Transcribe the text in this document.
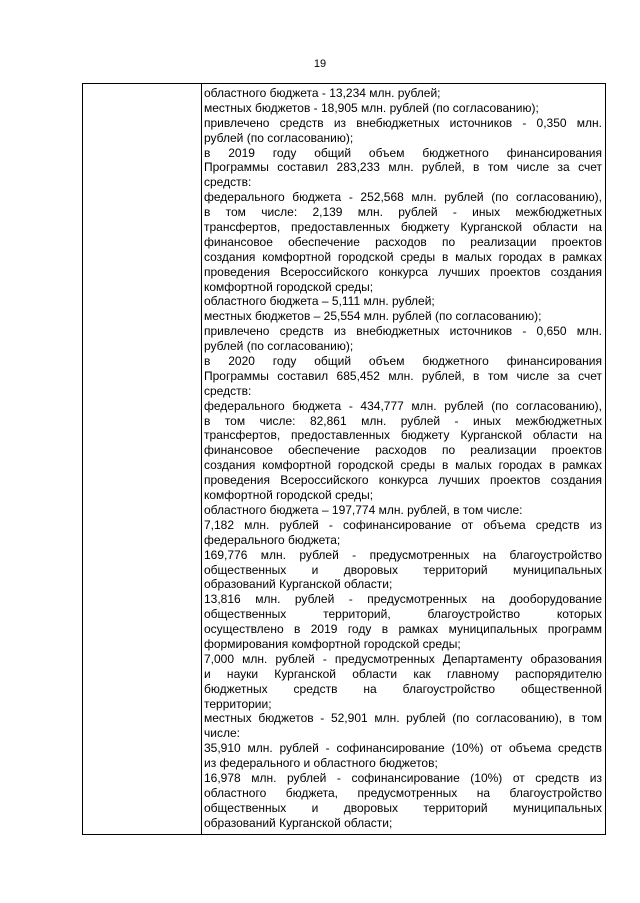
19
областного бюджета - 13,234 млн. рублей;
местных бюджетов - 18,905 млн. рублей (по согласованию);
привлечено средств из внебюджетных источников - 0,350 млн.
рублей (по согласованию);
в 2019 году общий объем бюджетного финансирования
Программы составил 283,233 млн. рублей, в том числе за счет
средств:
федерального бюджета - 252,568 млн. рублей (по согласованию),
в том числе: 2,139 млн. рублей - иных межбюджетных
трансфертов, предоставленных бюджету Курганской области на
финансовое обеспечение расходов по реализации проектов
создания комфортной городской среды в малых городах в рамках
проведения Всероссийского конкурса лучших проектов создания
комфортной городской среды;
областного бюджета – 5,111 млн. рублей;
местных бюджетов – 25,554 млн. рублей (по согласованию);
привлечено средств из внебюджетных источников - 0,650 млн.
рублей (по согласованию);
в 2020 году общий объем бюджетного финансирования
Программы составил 685,452 млн. рублей, в том числе за счет
средств:
федерального бюджета - 434,777 млн. рублей (по согласованию),
в том числе: 82,861 млн. рублей - иных межбюджетных
трансфертов, предоставленных бюджету Курганской области на
финансовое обеспечение расходов по реализации проектов
создания комфортной городской среды в малых городах в рамках
проведения Всероссийского конкурса лучших проектов создания
комфортной городской среды;
областного бюджета – 197,774 млн. рублей, в том числе:
7,182 млн. рублей - софинансирование от объема средств из
федерального бюджета;
169,776 млн. рублей - предусмотренных на благоустройство
общественных и дворовых территорий муниципальных
образований Курганской области;
13,816 млн. рублей - предусмотренных на дооборудование
общественных территорий, благоустройство которых
осуществлено в 2019 году в рамках муниципальных программ
формирования комфортной городской среды;
7,000 млн. рублей - предусмотренных Департаменту образования
и науки Курганской области как главному распорядителю
бюджетных средств на благоустройство общественной
территории;
местных бюджетов - 52,901 млн. рублей (по согласованию), в том
числе:
35,910 млн. рублей - софинансирование (10%) от объема средств
из федерального и областного бюджетов;
16,978 млн. рублей - софинансирование (10%) от средств из
областного бюджета, предусмотренных на благоустройство
общественных и дворовых территорий муниципальных
образований Курганской области;
